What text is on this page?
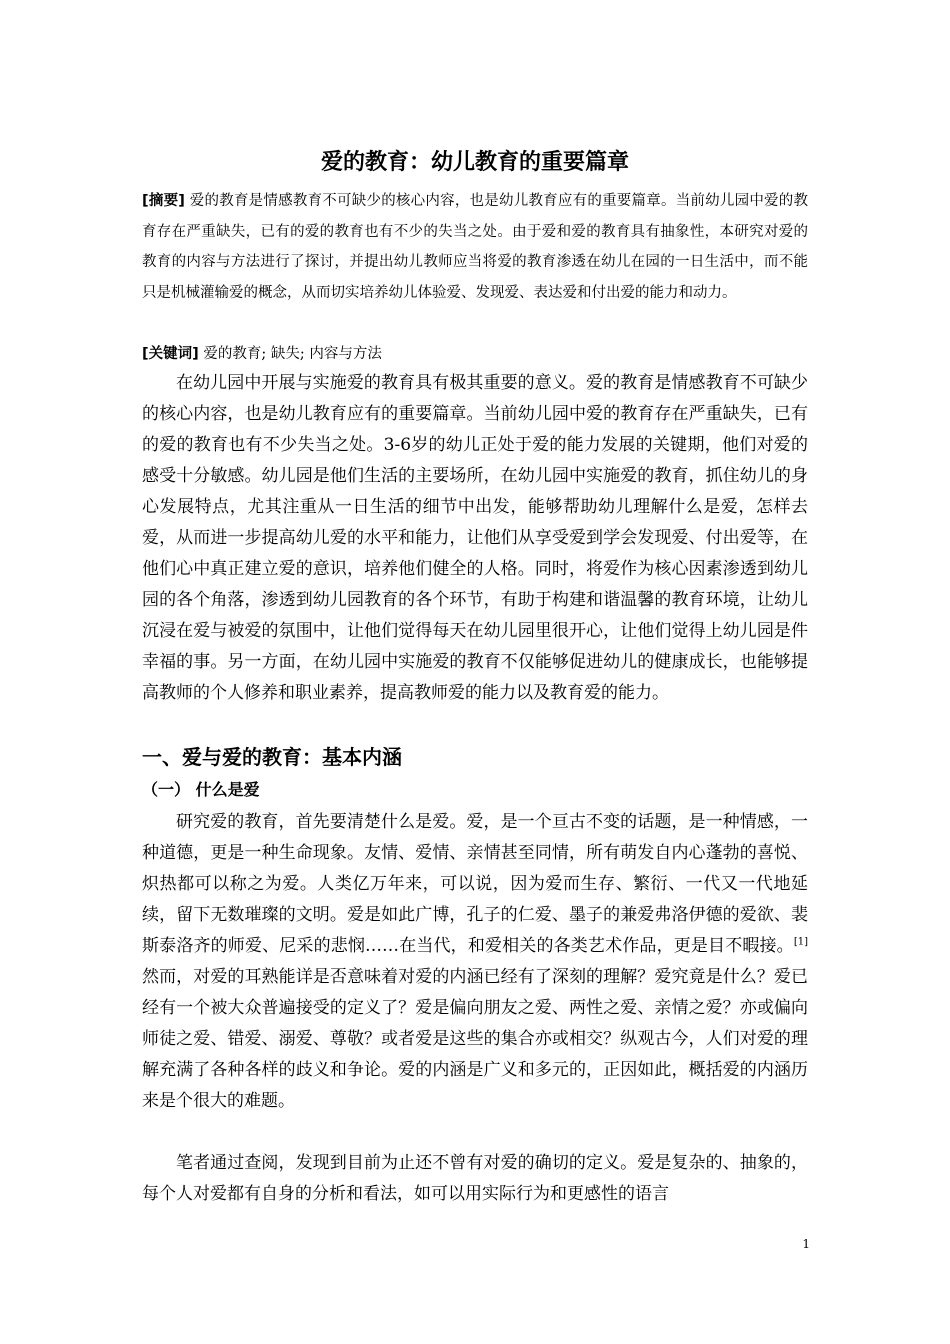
爱的教育：幼儿教育的重要篇章

[摘要] 爱的教育是情感教育不可缺少的核心内容，也是幼儿教育应有的重要篇章。当前幼儿园中爱的教育存在严重缺失，已有的爱的教育也有不少的失当之处。由于爱和爱的教育具有抽象性，本研究对爱的教育的内容与方法进行了探讨，并提出幼儿教师应当将爱的教育渗透在幼儿在园的一日生活中，而不能只是机械灌输爱的概念，从而切实培养幼儿体验爱、发现爱、表达爱和付出爱的能力和动力。

[关键词] 爱的教育; 缺失; 内容与方法

在幼儿园中开展与实施爱的教育具有极其重要的意义。爱的教育是情感教育不可缺少的核心内容，也是幼儿教育应有的重要篇章。当前幼儿园中爱的教育存在严重缺失，已有的爱的教育也有不少失当之处。3-6岁的幼儿正处于爱的能力发展的关键期，他们对爱的感受十分敏感。幼儿园是他们生活的主要场所，在幼儿园中实施爱的教育，抓住幼儿的身心发展特点，尤其注重从一日生活的细节中出发，能够帮助幼儿理解什么是爱，怎样去爱，从而进一步提高幼儿爱的水平和能力，让他们从享受爱到学会发现爱、付出爱等，在他们心中真正建立爱的意识，培养他们健全的人格。同时，将爱作为核心因素渗透到幼儿园的各个角落，渗透到幼儿园教育的各个环节，有助于构建和谐温馨的教育环境，让幼儿沉浸在爱与被爱的氛围中，让他们觉得每天在幼儿园里很开心，让他们觉得上幼儿园是件幸福的事。另一方面，在幼儿园中实施爱的教育不仅能够促进幼儿的健康成长，也能够提高教师的个人修养和职业素养，提高教师爱的能力以及教育爱的能力。

一、爱与爱的教育：基本内涵
（一） 什么是爱

研究爱的教育，首先要清楚什么是爱。爱，是一个亘古不变的话题，是一种情感，一种道德，更是一种生命现象。友情、爱情、亲情甚至同情，所有萌发自内心蓬勃的喜悦、炽热都可以称之为爱。人类亿万年来，可以说，因为爱而生存、繁衍、一代又一代地延续，留下无数璀璨的文明。爱是如此广博，孔子的仁爱、墨子的兼爱弗洛伊德的爱欲、裴斯泰洛齐的师爱、尼采的悲悯……在当代，和爱相关的各类艺术作品，更是目不暇接。[1]然而，对爱的耳熟能详是否意味着对爱的内涵已经有了深刻的理解？爱究竟是什么？爱已经有一个被大众普遍接受的定义了？爱是偏向朋友之爱、两性之爱、亲情之爱？亦或偏向师徒之爱、错爱、溺爱、尊敬？或者爱是这些的集合亦或相交？纵观古今，人们对爱的理解充满了各种各样的歧义和争论。爱的内涵是广义和多元的，正因如此，概括爱的内涵历来是个很大的难题。

笔者通过查阅，发现到目前为止还不曾有对爱的确切的定义。爱是复杂的、抽象的，每个人对爱都有自身的分析和看法，如可以用实际行为和更感性的语言

1
